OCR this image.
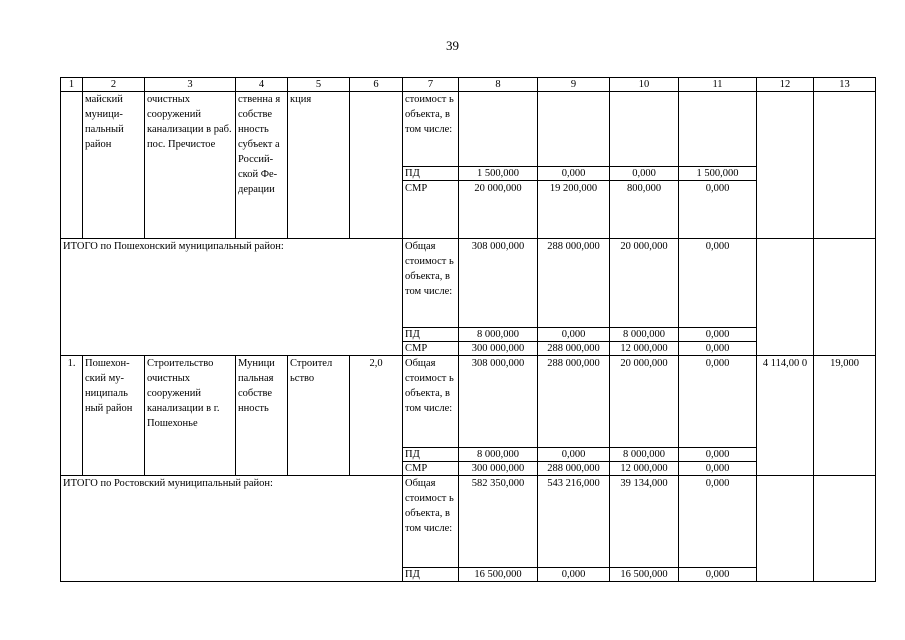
39
1	2	3	4	5	6	7	8	9	10	11	12	13
	майский муници-пальный район	очистных сооружений канализации в раб. пос. Пречистое	ственна я собстве нность субъект а Россий-ской Фе-дерации	кция		стоимост ь объекта, в том числе:						
						ПД	1 500,000	0,000	0,000	1 500,000		
						СМР	20 000,000	19 200,000	800,000	0,000		
ИТОГО по Пошехонский муниципальный район:						Общая стоимост ь объекта, в том числе:	308 000,000	288 000,000	20 000,000	0,000		
						ПД	8 000,000	0,000	8 000,000	0,000		
						СМР	300 000,000	288 000,000	12 000,000	0,000		
1.	Пошехон-ский му-ниципаль ный район	Строительство очистных сооружений канализации в г. Пошехонье	Муници пальная собстве нность	Строител ьство	2,0	Общая стоимост ь объекта, в том числе:	308 000,000	288 000,000	20 000,000	0,000	4 114,00 0	19,000
						ПД	8 000,000	0,000	8 000,000	0,000		
						СМР	300 000,000	288 000,000	12 000,000	0,000		
ИТОГО по Ростовский муниципальный район:						Общая стоимост ь объекта, в том числе:	582 350,000	543 216,000	39 134,000	0,000		
						ПД	16 500,000	0,000	16 500,000	0,000		
